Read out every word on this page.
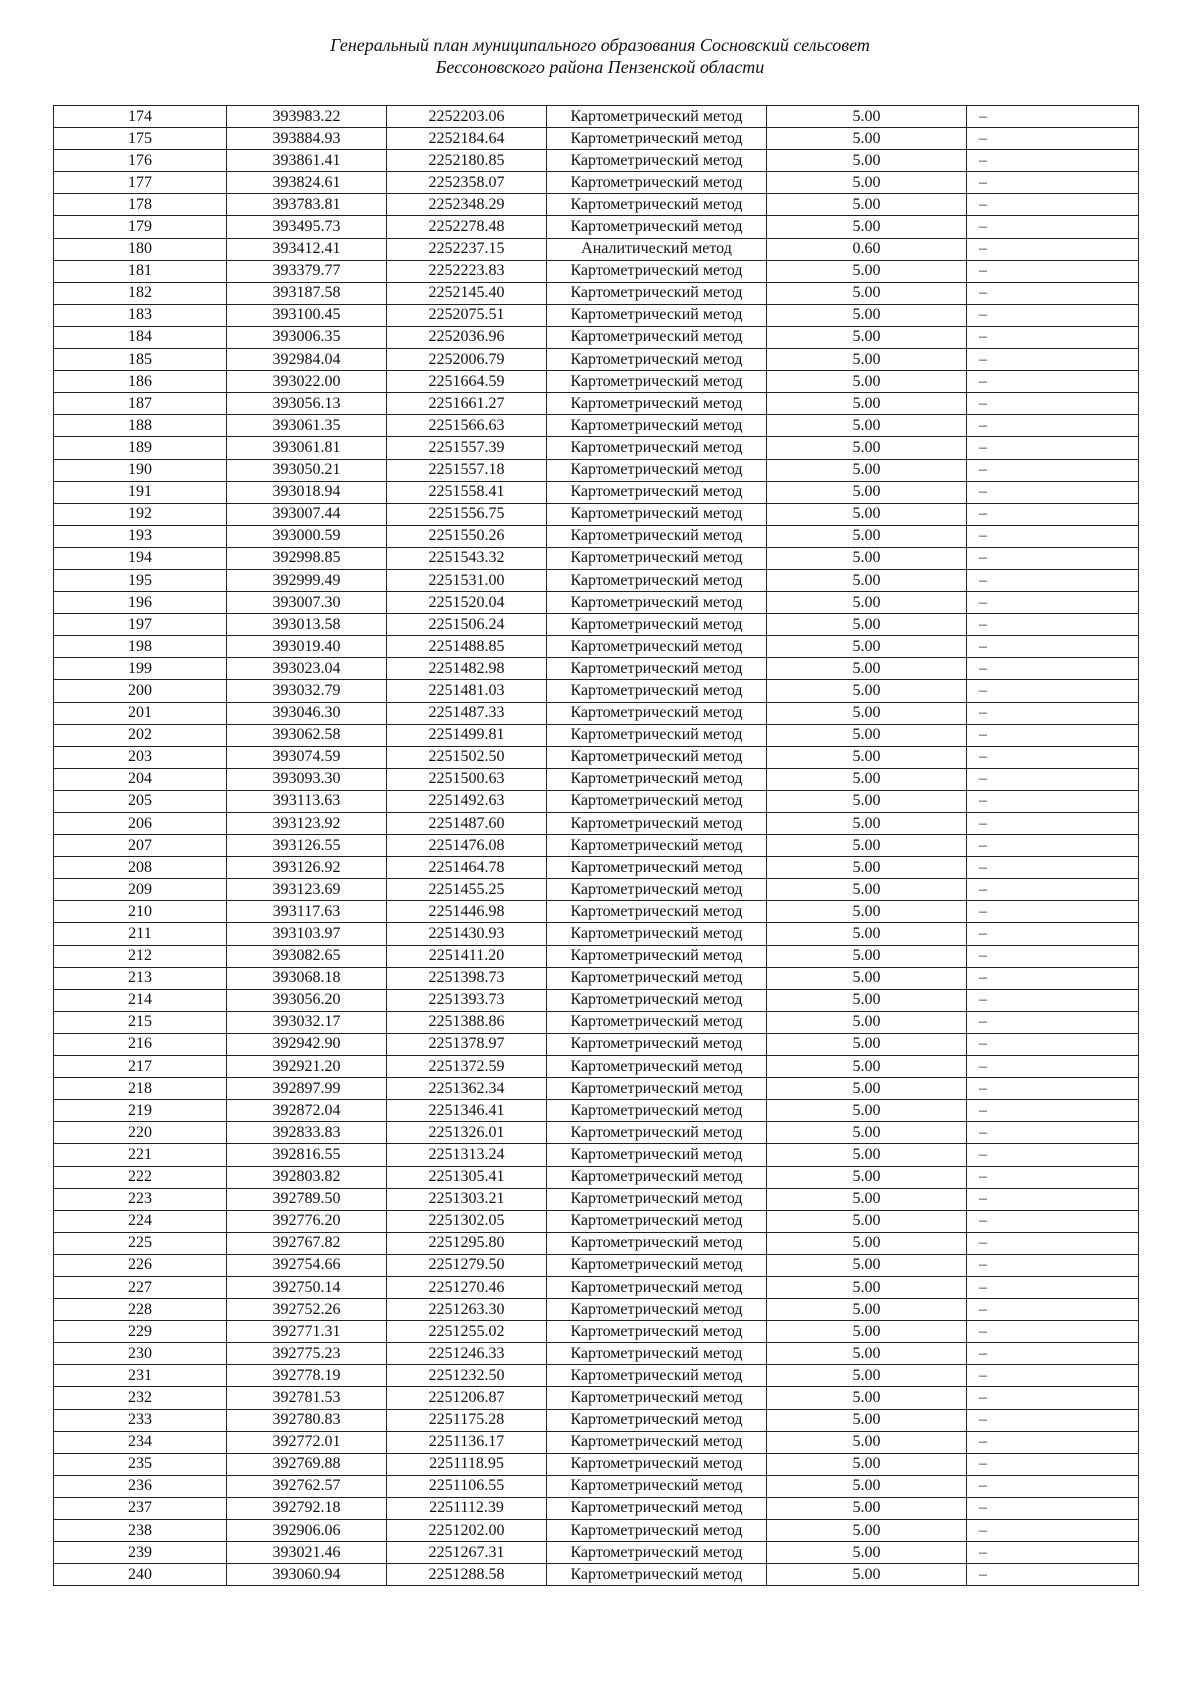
Генеральный план муниципального образования Сосновский сельсовет
Бессоновского района Пензенской области
174	393983.22	2252203.06	Картометрический метод	5.00	–
175	393884.93	2252184.64	Картометрический метод	5.00	–
176	393861.41	2252180.85	Картометрический метод	5.00	–
177	393824.61	2252358.07	Картометрический метод	5.00	–
178	393783.81	2252348.29	Картометрический метод	5.00	–
179	393495.73	2252278.48	Картометрический метод	5.00	–
180	393412.41	2252237.15	Аналитический метод	0.60	–
181	393379.77	2252223.83	Картометрический метод	5.00	–
182	393187.58	2252145.40	Картометрический метод	5.00	–
183	393100.45	2252075.51	Картометрический метод	5.00	–
184	393006.35	2252036.96	Картометрический метод	5.00	–
185	392984.04	2252006.79	Картометрический метод	5.00	–
186	393022.00	2251664.59	Картометрический метод	5.00	–
187	393056.13	2251661.27	Картометрический метод	5.00	–
188	393061.35	2251566.63	Картометрический метод	5.00	–
189	393061.81	2251557.39	Картометрический метод	5.00	–
190	393050.21	2251557.18	Картометрический метод	5.00	–
191	393018.94	2251558.41	Картометрический метод	5.00	–
192	393007.44	2251556.75	Картометрический метод	5.00	–
193	393000.59	2251550.26	Картометрический метод	5.00	–
194	392998.85	2251543.32	Картометрический метод	5.00	–
195	392999.49	2251531.00	Картометрический метод	5.00	–
196	393007.30	2251520.04	Картометрический метод	5.00	–
197	393013.58	2251506.24	Картометрический метод	5.00	–
198	393019.40	2251488.85	Картометрический метод	5.00	–
199	393023.04	2251482.98	Картометрический метод	5.00	–
200	393032.79	2251481.03	Картометрический метод	5.00	–
201	393046.30	2251487.33	Картометрический метод	5.00	–
202	393062.58	2251499.81	Картометрический метод	5.00	–
203	393074.59	2251502.50	Картометрический метод	5.00	–
204	393093.30	2251500.63	Картометрический метод	5.00	–
205	393113.63	2251492.63	Картометрический метод	5.00	–
206	393123.92	2251487.60	Картометрический метод	5.00	–
207	393126.55	2251476.08	Картометрический метод	5.00	–
208	393126.92	2251464.78	Картометрический метод	5.00	–
209	393123.69	2251455.25	Картометрический метод	5.00	–
210	393117.63	2251446.98	Картометрический метод	5.00	–
211	393103.97	2251430.93	Картометрический метод	5.00	–
212	393082.65	2251411.20	Картометрический метод	5.00	–
213	393068.18	2251398.73	Картометрический метод	5.00	–
214	393056.20	2251393.73	Картометрический метод	5.00	–
215	393032.17	2251388.86	Картометрический метод	5.00	–
216	392942.90	2251378.97	Картометрический метод	5.00	–
217	392921.20	2251372.59	Картометрический метод	5.00	–
218	392897.99	2251362.34	Картометрический метод	5.00	–
219	392872.04	2251346.41	Картометрический метод	5.00	–
220	392833.83	2251326.01	Картометрический метод	5.00	–
221	392816.55	2251313.24	Картометрический метод	5.00	–
222	392803.82	2251305.41	Картометрический метод	5.00	–
223	392789.50	2251303.21	Картометрический метод	5.00	–
224	392776.20	2251302.05	Картометрический метод	5.00	–
225	392767.82	2251295.80	Картометрический метод	5.00	–
226	392754.66	2251279.50	Картометрический метод	5.00	–
227	392750.14	2251270.46	Картометрический метод	5.00	–
228	392752.26	2251263.30	Картометрический метод	5.00	–
229	392771.31	2251255.02	Картометрический метод	5.00	–
230	392775.23	2251246.33	Картометрический метод	5.00	–
231	392778.19	2251232.50	Картометрический метод	5.00	–
232	392781.53	2251206.87	Картометрический метод	5.00	–
233	392780.83	2251175.28	Картометрический метод	5.00	–
234	392772.01	2251136.17	Картометрический метод	5.00	–
235	392769.88	2251118.95	Картометрический метод	5.00	–
236	392762.57	2251106.55	Картометрический метод	5.00	–
237	392792.18	2251112.39	Картометрический метод	5.00	–
238	392906.06	2251202.00	Картометрический метод	5.00	–
239	393021.46	2251267.31	Картометрический метод	5.00	–
240	393060.94	2251288.58	Картометрический метод	5.00	–
